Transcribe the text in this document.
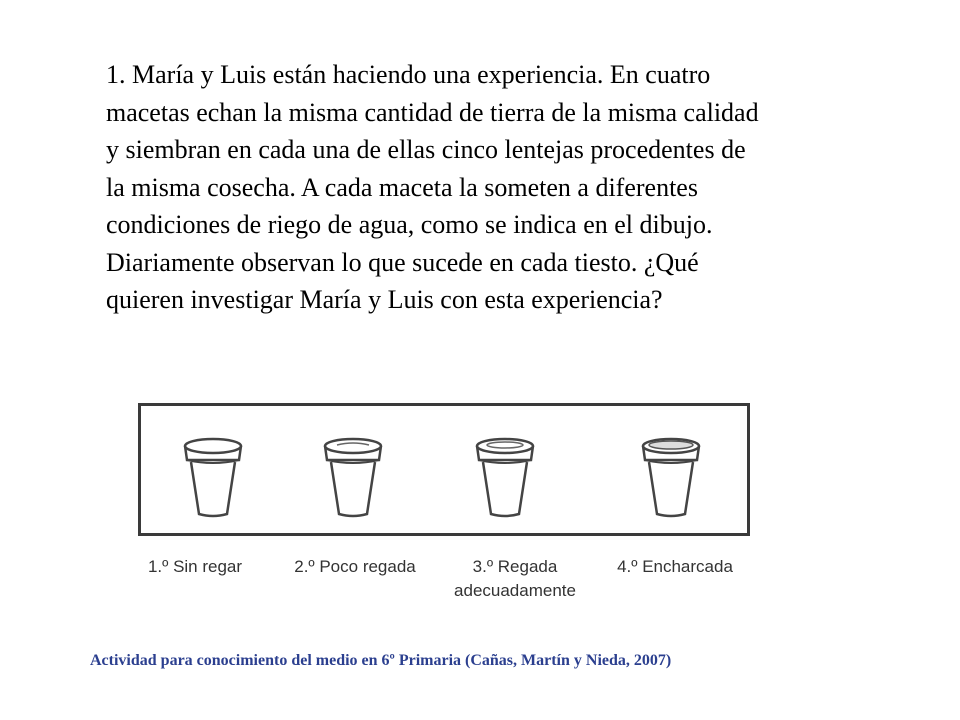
1. María y Luis están haciendo una experiencia. En cuatro
macetas echan la misma cantidad de tierra de la misma calidad
y siembran en cada una de ellas cinco lentejas procedentes de
la misma cosecha. A cada maceta la someten a diferentes
condiciones de riego de agua, como se indica en el dibujo.
Diariamente observan lo que sucede en cada tiesto. ¿Qué
quieren investigar María y Luis con esta experiencia?
1.º Sin regar	2.º Poco regada	3.º Regada
adecuadamente
4.º Encharcada
Actividad para conocimiento del medio en 6º Primaria (Cañas, Martín y Nieda, 2007)
